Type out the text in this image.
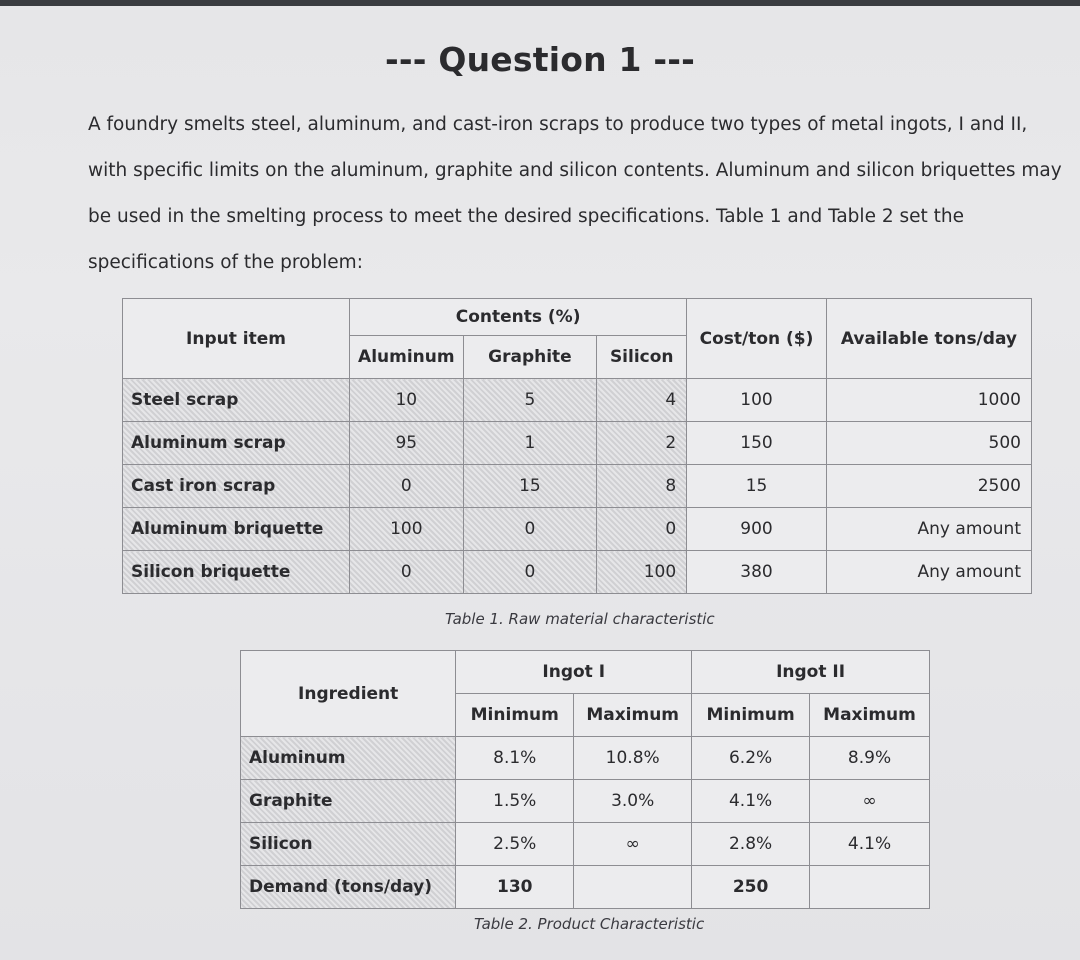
--- Question 1 ---

A foundry smelts steel, aluminum, and cast-iron scraps to produce two types of metal ingots, I and II, with specific limits on the aluminum, graphite and silicon contents. Aluminum and silicon briquettes may be used in the smelting process to meet the desired specifications. Table 1 and Table 2 set the specifications of the problem:

Input item	Contents (%)			Cost/ton ($)	Available tons/day
	Aluminum	Graphite	Silicon		
Steel scrap	10	5	4	100	1000
Aluminum scrap	95	1	2	150	500
Cast iron scrap	0	15	8	15	2500
Aluminum briquette	100	0	0	900	Any amount
Silicon briquette	0	0	100	380	Any amount
Table 1. Raw material characteristic
Ingredient	Ingot I		Ingot II	
	Minimum	Maximum	Minimum	Maximum
Aluminum	8.1%	10.8%	6.2%	8.9%
Graphite	1.5%	3.0%	4.1%	∞
Silicon	2.5%	∞	2.8%	4.1%
Demand (tons/day)	130		250	
Table 2. Product Characteristic
